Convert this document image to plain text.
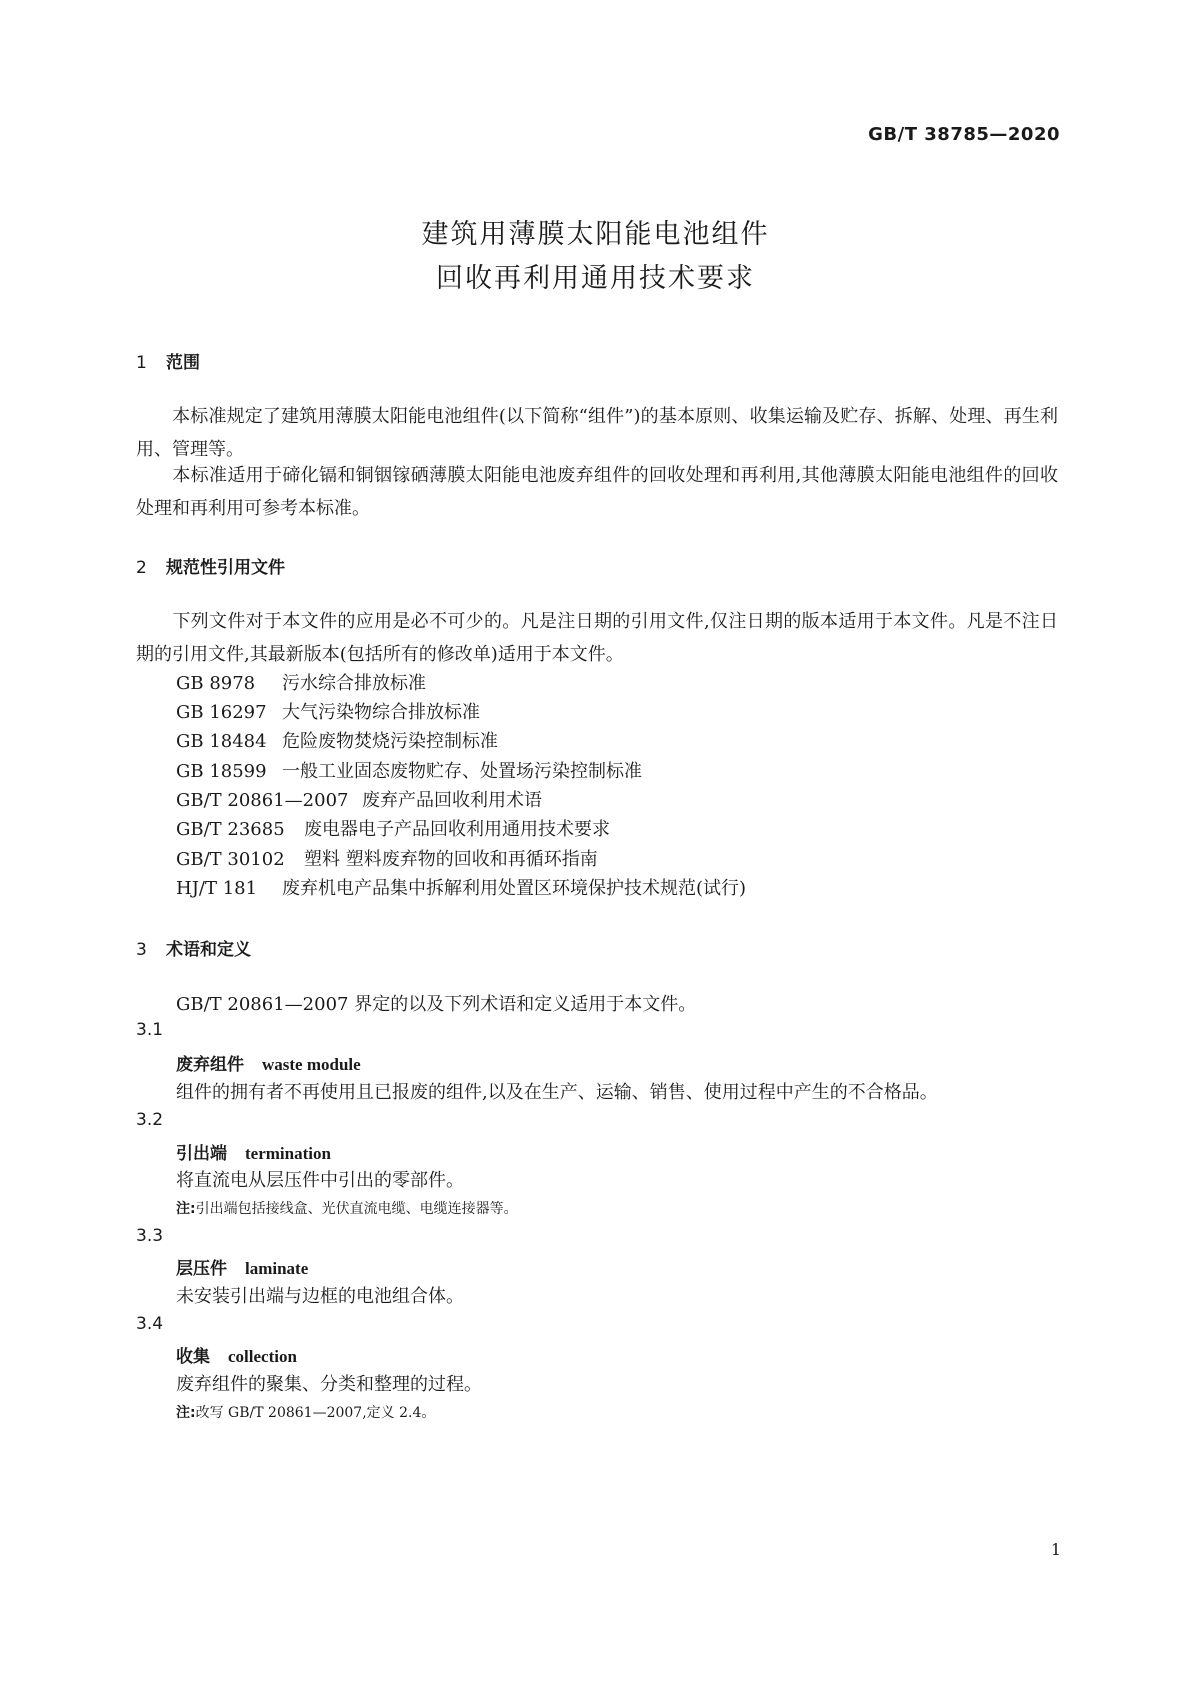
GB/T 38785—2020
建筑用薄膜太阳能电池组件
回收再利用通用技术要求
1 范围
本标准规定了建筑用薄膜太阳能电池组件(以下简称“组件”)的基本原则、收集运输及贮存、拆解、处理、再生利用、管理等。
本标准适用于碲化镉和铜铟镓硒薄膜太阳能电池废弃组件的回收处理和再利用,其他薄膜太阳能电池组件的回收处理和再利用可参考本标准。
2 规范性引用文件
下列文件对于本文件的应用是必不可少的。凡是注日期的引用文件,仅注日期的版本适用于本文件。凡是不注日期的引用文件,其最新版本(包括所有的修改单)适用于本文件。
GB 8978 污水综合排放标准
GB 16297 大气污染物综合排放标准
GB 18484 危险废物焚烧污染控制标准
GB 18599 一般工业固态废物贮存、处置场污染控制标准
GB/T 20861—2007 废弃产品回收利用术语
GB/T 23685 废电器电子产品回收利用通用技术要求
GB/T 30102 塑料 塑料废弃物的回收和再循环指南
HJ/T 181 废弃机电产品集中拆解利用处置区环境保护技术规范(试行)
3 术语和定义
GB/T 20861—2007 界定的以及下列术语和定义适用于本文件。
3.1
废弃组件 waste module
组件的拥有者不再使用且已报废的组件,以及在生产、运输、销售、使用过程中产生的不合格品。
3.2
引出端 termination
将直流电从层压件中引出的零部件。
注:引出端包括接线盒、光伏直流电缆、电缆连接器等。
3.3
层压件 laminate
未安装引出端与边框的电池组合体。
3.4
收集 collection
废弃组件的聚集、分类和整理的过程。
注:改写 GB/T 20861—2007,定义 2.4。
1
